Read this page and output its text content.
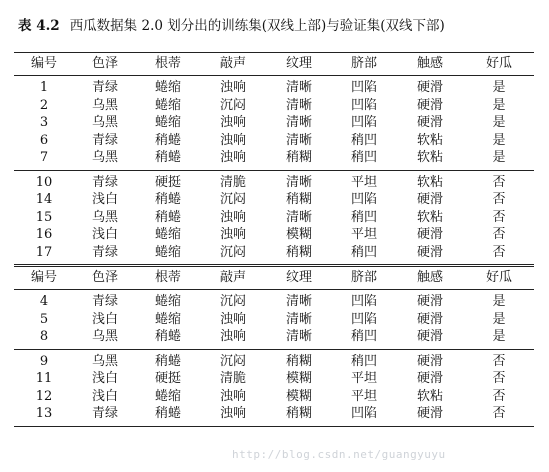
表 4.2 西瓜数据集 2.0 划分出的训练集(双线上部)与验证集(双线下部)
编号	色泽	根蒂	敲声	纹理	脐部	触感	好瓜
1	青绿	蜷缩	浊响	清晰	凹陷	硬滑	是
2	乌黑	蜷缩	沉闷	清晰	凹陷	硬滑	是
3	乌黑	蜷缩	浊响	清晰	凹陷	硬滑	是
6	青绿	稍蜷	浊响	清晰	稍凹	软粘	是
7	乌黑	稍蜷	浊响	稍糊	稍凹	软粘	是
10	青绿	硬挺	清脆	清晰	平坦	软粘	否
14	浅白	稍蜷	沉闷	稍糊	凹陷	硬滑	否
15	乌黑	稍蜷	浊响	清晰	稍凹	软粘	否
16	浅白	蜷缩	浊响	模糊	平坦	硬滑	否
17	青绿	蜷缩	沉闷	稍糊	稍凹	硬滑	否
编号	色泽	根蒂	敲声	纹理	脐部	触感	好瓜
4	青绿	蜷缩	沉闷	清晰	凹陷	硬滑	是
5	浅白	蜷缩	浊响	清晰	凹陷	硬滑	是
8	乌黑	稍蜷	浊响	清晰	稍凹	硬滑	是
9	乌黑	稍蜷	沉闷	稍糊	稍凹	硬滑	否
11	浅白	硬挺	清脆	模糊	平坦	硬滑	否
12	浅白	蜷缩	浊响	模糊	平坦	软粘	否
13	青绿	稍蜷	浊响	稍糊	凹陷	硬滑	否
http://blog.csdn.net/guangyuyu
